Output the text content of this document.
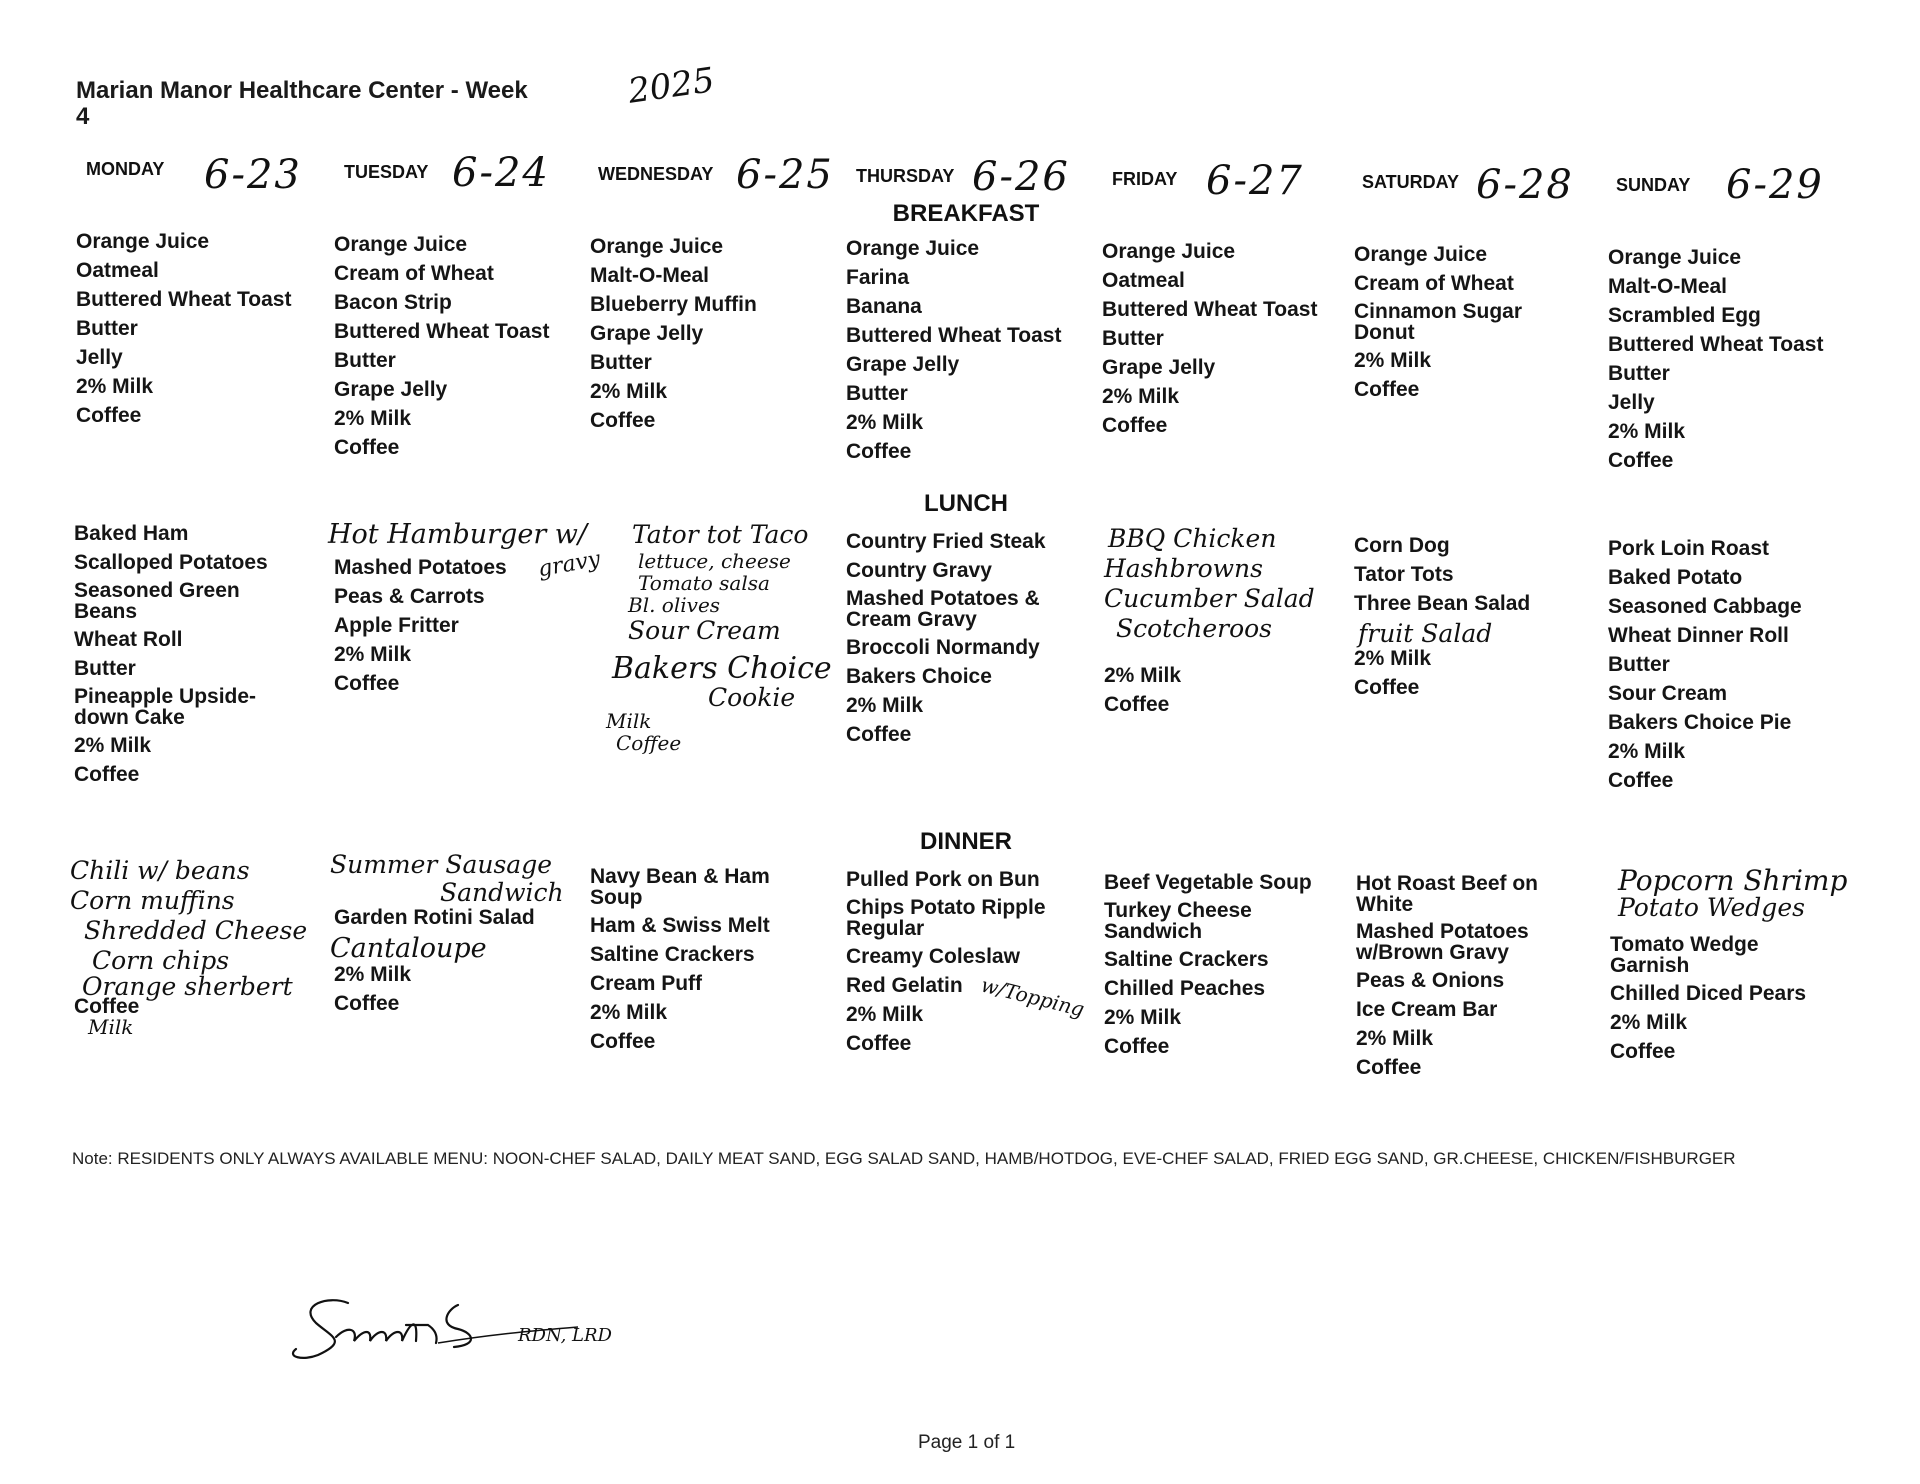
Marian Manor Healthcare Center - Week
4
2025
MONDAY 6-23 TUESDAY 6-24	WEDNESDAY 6-25 THURSDAY 6-26 FRIDAY 6-27	SATURDAY 6-28 SUNDAY 6-29
BREAKFAST
LUNCH
DINNER
Orange Juice
Oatmeal
Buttered Wheat Toast
Butter
Jelly
2% Milk
Coffee
Orange Juice
Cream of Wheat
Bacon Strip
Buttered Wheat Toast
Butter
Grape Jelly
2% Milk
Coffee
Orange Juice
Malt-O-Meal
Blueberry Muffin
Grape Jelly
Butter
2% Milk
Coffee
Orange Juice
Farina
Banana
Buttered Wheat Toast
Grape Jelly
Butter
2% Milk
Coffee
Orange Juice
Oatmeal
Buttered Wheat Toast
Butter
Grape Jelly
2% Milk
Coffee
Orange Juice
Cream of Wheat
Cinnamon Sugar Donut
2% Milk
Coffee
Orange Juice
Malt-O-Meal
Scrambled Egg
Buttered Wheat Toast
Butter
Jelly
2% Milk
Coffee
Baked Ham
Scalloped Potatoes
Seasoned Green Beans
Wheat Roll
Butter
Pineapple Upside-down Cake
2% Milk
Coffee
Hot Hamburger w/
gravy
Mashed Potatoes
Peas & Carrots
Apple Fritter
2% Milk
Coffee
Tator tot Taco
lettuce, cheese
Tomato salsa
Bl. olives
Sour Cream
Bakers Choice
Cookie
Milk
Coffee
Country Fried Steak
Country Gravy
Mashed Potatoes & Cream Gravy
Broccoli Normandy
Bakers Choice
2% Milk
Coffee
BBQ Chicken
Hashbrowns
Cucumber Salad
Scotcheroos
2% Milk
Coffee
Corn Dog
Tator Tots
Three Bean Salad
fruit Salad
2% Milk
Coffee
Pork Loin Roast
Baked Potato
Seasoned Cabbage
Wheat Dinner Roll
Butter
Sour Cream
Bakers Choice Pie
2% Milk
Coffee
Chili w/ beans
Corn muffins
Shredded Cheese
Corn chips
Orange sherbert
Coffee
Milk
Summer Sausage
Sandwich
Garden Rotini Salad
Cantaloupe
2% Milk
Coffee
Navy Bean & Ham Soup
Ham & Swiss Melt
Saltine Crackers
Cream Puff
2% Milk
Coffee
Pulled Pork on Bun
Chips Potato Ripple Regular
Creamy Coleslaw
Red Gelatin
2% Milk
Coffee
w/Topping
Beef Vegetable Soup
Turkey Cheese Sandwich
Saltine Crackers
Chilled Peaches
2% Milk
Coffee
Hot Roast Beef on White
Mashed Potatoes w/Brown Gravy
Peas & Onions
Ice Cream Bar
2% Milk
Coffee
Popcorn Shrimp
Potato Wedges
Tomato Wedge Garnish
Chilled Diced Pears
2% Milk
Coffee
Note: RESIDENTS ONLY ALWAYS AVAILABLE MENU: NOON-CHEF SALAD, DAILY MEAT SAND, EGG SALAD SAND, HAMB/HOTDOG, EVE-CHEF SALAD, FRIED EGG SAND, GR.CHEESE, CHICKEN/FISHBURGER
RDN, LRD
Page 1 of 1
